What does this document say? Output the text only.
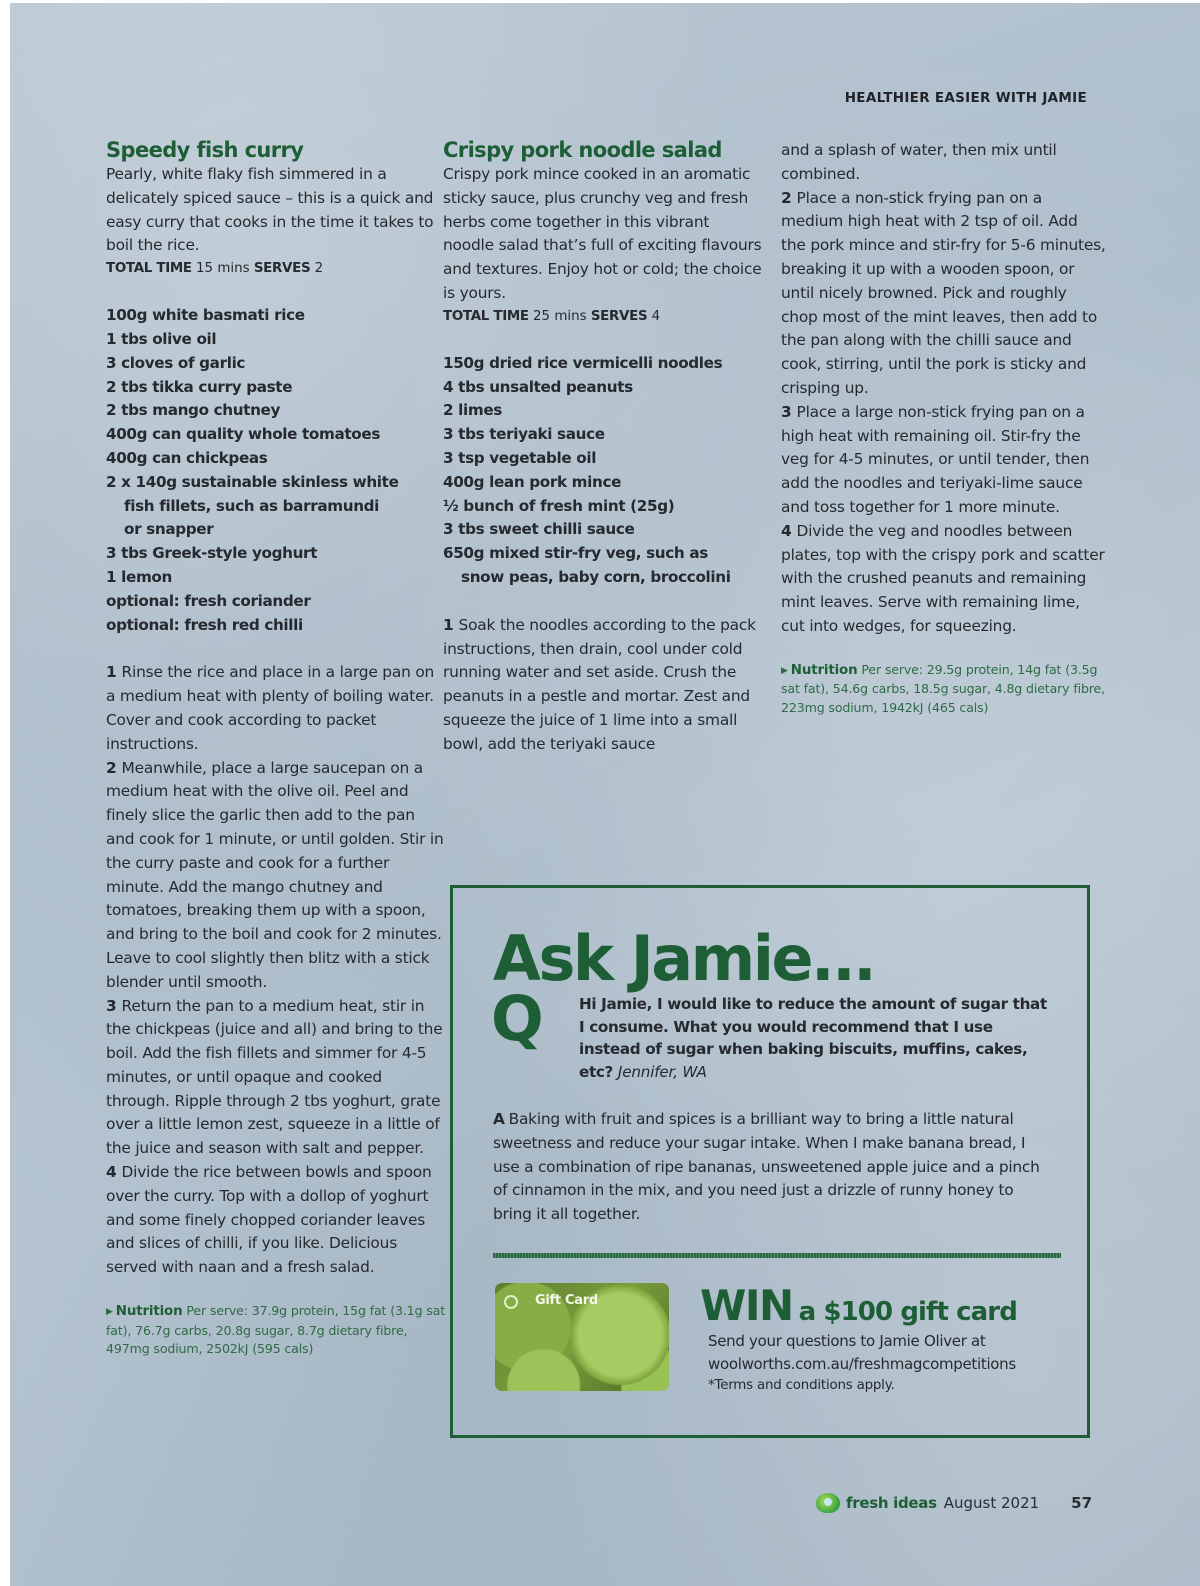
HEALTHIER EASIER WITH JAMIE
Speedy fish curry

Pearly, white flaky fish simmered in a delicately spiced sauce – this is a quick and easy curry that cooks in the time it takes to boil the rice.

TOTAL TIME 15 mins SERVES 2

100g white basmati rice
1 tbs olive oil
3 cloves of garlic
2 tbs tikka curry paste
2 tbs mango chutney
400g can quality whole tomatoes
400g can chickpeas
2 x 140g sustainable skinless white
fish fillets, such as barramundi
or snapper
3 tbs Greek-style yoghurt
1 lemon
optional: fresh coriander
optional: fresh red chilli
1 Rinse the rice and place in a large pan on a medium heat with plenty of boiling water. Cover and cook according to packet instructions.
2 Meanwhile, place a large saucepan on a medium heat with the olive oil. Peel and finely slice the garlic then add to the pan and cook for 1 minute, or until golden. Stir in the curry paste and cook for a further minute. Add the mango chutney and tomatoes, breaking them up with a spoon, and bring to the boil and cook for 2 minutes. Leave to cool slightly then blitz with a stick blender until smooth.
3 Return the pan to a medium heat, stir in the chickpeas (juice and all) and bring to the boil. Add the fish fillets and simmer for 4-5 minutes, or until opaque and cooked through. Ripple through 2 tbs yoghurt, grate over a little lemon zest, squeeze in a little of the juice and season with salt and pepper.
4 Divide the rice between bowls and spoon over the curry. Top with a dollop of yoghurt and some finely chopped coriander leaves and slices of chilli, if you like. Delicious served with naan and a fresh salad.
▶ Nutrition Per serve: 37.9g protein, 15g fat (3.1g sat fat), 76.7g carbs, 20.8g sugar, 8.7g dietary fibre, 497mg sodium, 2502kJ (595 cals)
Crispy pork noodle salad

Crispy pork mince cooked in an aromatic sticky sauce, plus crunchy veg and fresh herbs come together in this vibrant noodle salad that’s full of exciting flavours and textures. Enjoy hot or cold; the choice is yours.

TOTAL TIME 25 mins SERVES 4

150g dried rice vermicelli noodles
4 tbs unsalted peanuts
2 limes
3 tbs teriyaki sauce
3 tsp vegetable oil
400g lean pork mince
½ bunch of fresh mint (25g)
3 tbs sweet chilli sauce
650g mixed stir-fry veg, such as
snow peas, baby corn, broccolini
1 Soak the noodles according to the pack instructions, then drain, cool under cold running water and set aside. Crush the peanuts in a pestle and mortar. Zest and squeeze the juice of 1 lime into a small bowl, add the teriyaki sauce
and a splash of water, then mix until combined.
2 Place a non-stick frying pan on a medium high heat with 2 tsp of oil. Add the pork mince and stir-fry for 5-6 minutes, breaking it up with a wooden spoon, or until nicely browned. Pick and roughly chop most of the mint leaves, then add to the pan along with the chilli sauce and cook, stirring, until the pork is sticky and crisping up.
3 Place a large non-stick frying pan on a high heat with remaining oil. Stir-fry the veg for 4-5 minutes, or until tender, then add the noodles and teriyaki-lime sauce and toss together for 1 more minute.
4 Divide the veg and noodles between plates, top with the crispy pork and scatter with the crushed peanuts and remaining mint leaves. Serve with remaining lime, cut into wedges, for squeezing.
▶ Nutrition Per serve: 29.5g protein, 14g fat (3.5g sat fat), 54.6g carbs, 18.5g sugar, 4.8g dietary fibre, 223mg sodium, 1942kJ (465 cals)
Ask Jamie...
Q Hi Jamie, I would like to reduce the amount of sugar that I consume. What you would recommend that I use instead of sugar when baking biscuits, muffins, cakes, etc? Jennifer, WA
A Baking with fruit and spices is a brilliant way to bring a little natural sweetness and reduce your sugar intake. When I make banana bread, I use a combination of ripe bananas, unsweetened apple juice and a pinch of cinnamon in the mix, and you need just a drizzle of runny honey to bring it all together.
Gift Card WIN a $100 gift card
Send your questions to Jamie Oliver at
woolworths.com.au/freshmagcompetitions
*Terms and conditions apply.
fresh ideas August 2021 57
